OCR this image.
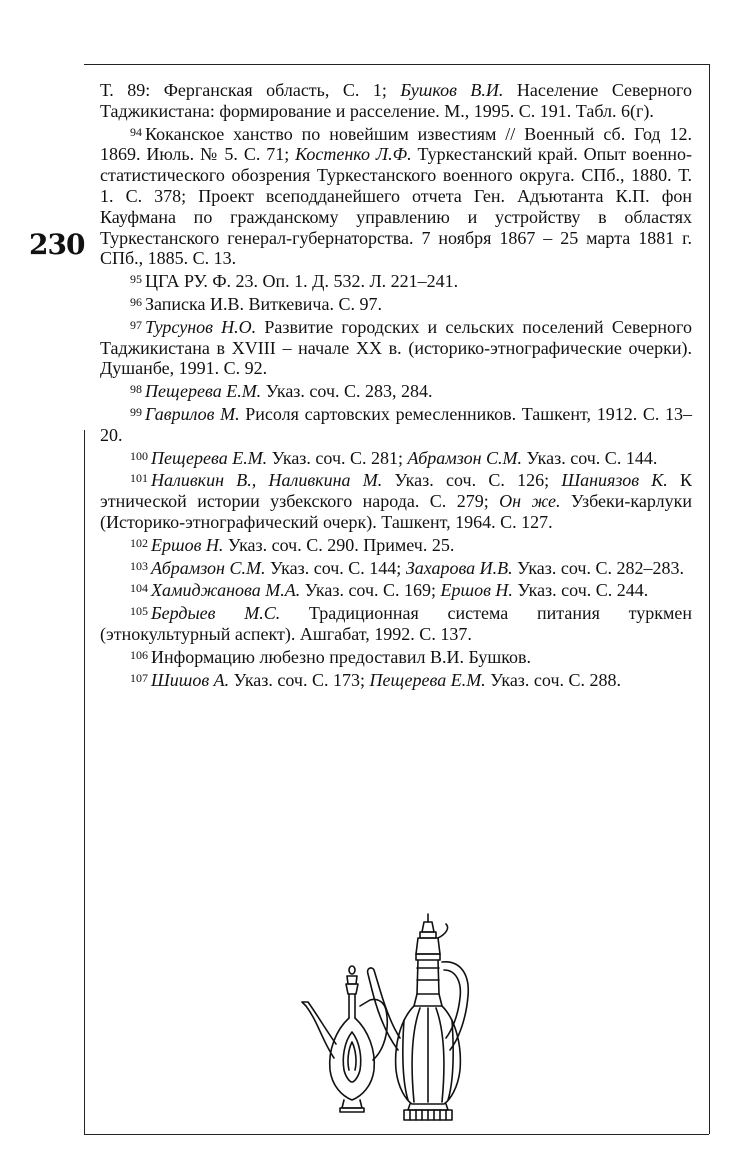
230

Т. 89: Ферганская область, С. 1; Бушков В.И. Население Северного Таджикистана: формирование и расселение. М., 1995. С. 191. Табл. 6(г).

$^{94}$ Коканское ханство по новейшим известиям // Военный сб. Год 12. 1869. Июль. № 5. С. 71; Костенко Л.Ф. Туркестанский край. Опыт военно-статистического обозрения Туркестанского военного округа. СПб., 1880. Т. 1. С. 378; Проект всеподданейшего отчета Ген. Адъютанта К.П. фон Кауфмана по гражданскому управлению и устройству в областях Туркестанского генерал-губернаторства. 7 ноября 1867 – 25 марта 1881 г. СПб., 1885. С. 13.

$^{95}$ ЦГА РУ. Ф. 23. Оп. 1. Д. 532. Л. 221–241.

$^{96}$ Записка И.В. Виткевича. С. 97.

$^{97}$ Турсунов Н.О. Развитие городских и сельских поселений Северного Таджикистана в XVIII – начале XX в. (историко-этнографические очерки). Душанбе, 1991. С. 92.

$^{98}$ Пещерева Е.М. Указ. соч. С. 283, 284.

$^{99}$ Гаврилов М. Рисоля сартовских ремесленников. Ташкент, 1912. С. 13–20.

$^{100}$ Пещерева Е.М. Указ. соч. С. 281; Абрамзон С.М. Указ. соч. С. 144.

$^{101}$ Наливкин В., Наливкина М. Указ. соч. С. 126; Шаниязов К. К этнической истории узбекского народа. С. 279; Он же. Узбеки-карлуки (Историко-этнографический очерк). Ташкент, 1964. С. 127.

$^{102}$ Ершов Н. Указ. соч. С. 290. Примеч. 25.

$^{103}$ Абрамзон С.М. Указ. соч. С. 144; Захарова И.В. Указ. соч. С. 282–283.

$^{104}$ Хамиджанова М.А. Указ. соч. С. 169; Ершов Н. Указ. соч. С. 244.

$^{105}$ Бердыев М.С. Традиционная система питания туркмен (этнокультурный аспект). Ашгабат, 1992. С. 137.

$^{106}$ Информацию любезно предоставил В.И. Бушков.

$^{107}$ Шишов А. Указ. соч. С. 173; Пещерева Е.М. Указ. соч. С. 288.
